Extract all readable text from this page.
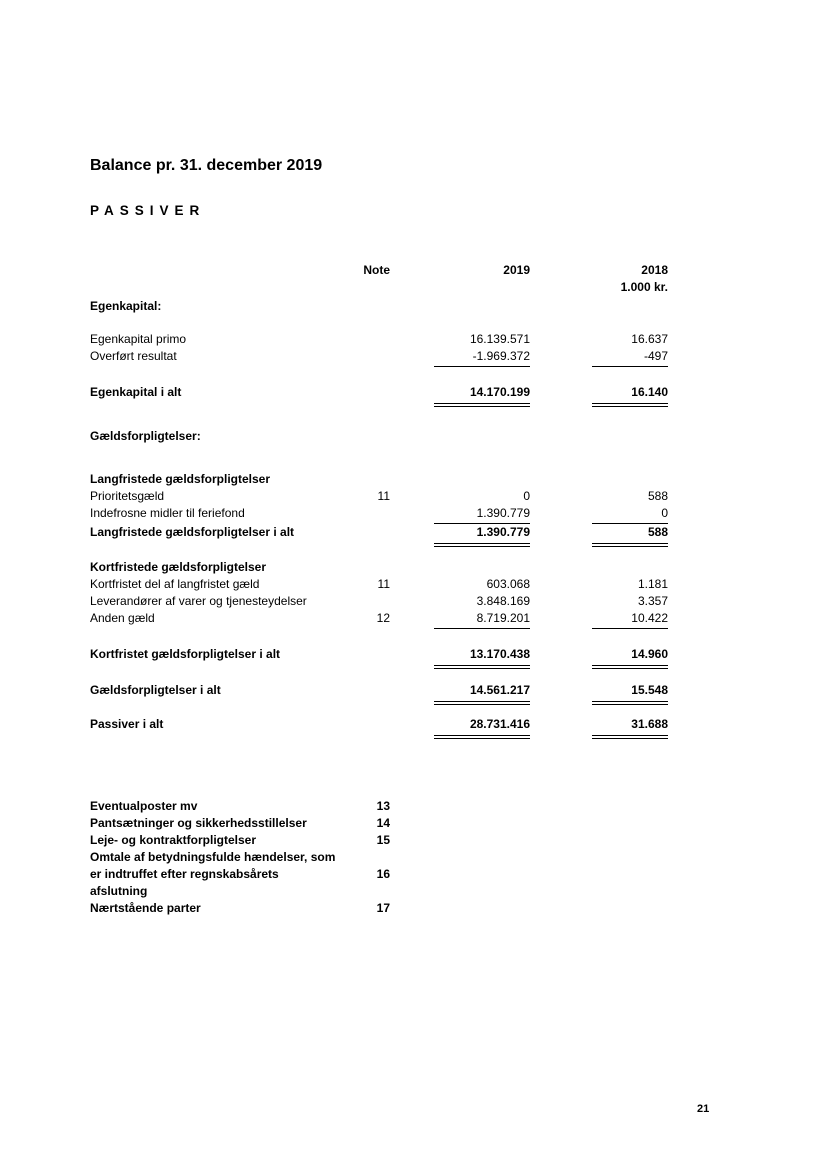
Balance pr. 31. december 2019
PASSIVER
Note	2019	2018
1.000 kr.
Egenkapital:
Egenkapital primo	16.139.571	16.637
Overført resultat	-1.969.372	-497
Egenkapital i alt	14.170.199	16.140
Gældsforpligtelser:
Langfristede gældsforpligtelser
Prioritetsgæld	11	0	588
Indefrosne midler til feriefond	1.390.779	0
Langfristede gældsforpligtelser i alt	1.390.779	588
Kortfristede gældsforpligtelser
Kortfristet del af langfristet gæld	11	603.068	1.181
Leverandører af varer og tjenesteydelser	3.848.169	3.357
Anden gæld	12	8.719.201	10.422
Kortfristet gældsforpligtelser i alt	13.170.438	14.960
Gældsforpligtelser i alt	14.561.217	15.548
Passiver i alt	28.731.416	31.688
Eventualposter mv	13
Pantsætninger og sikkerhedsstillelser	14
Leje- og kontraktforpligtelser	15
Omtale af betydningsfulde hændelser, som
er indtruffet efter regnskabsårets	16
afslutning
Nærtstående parter	17
21
